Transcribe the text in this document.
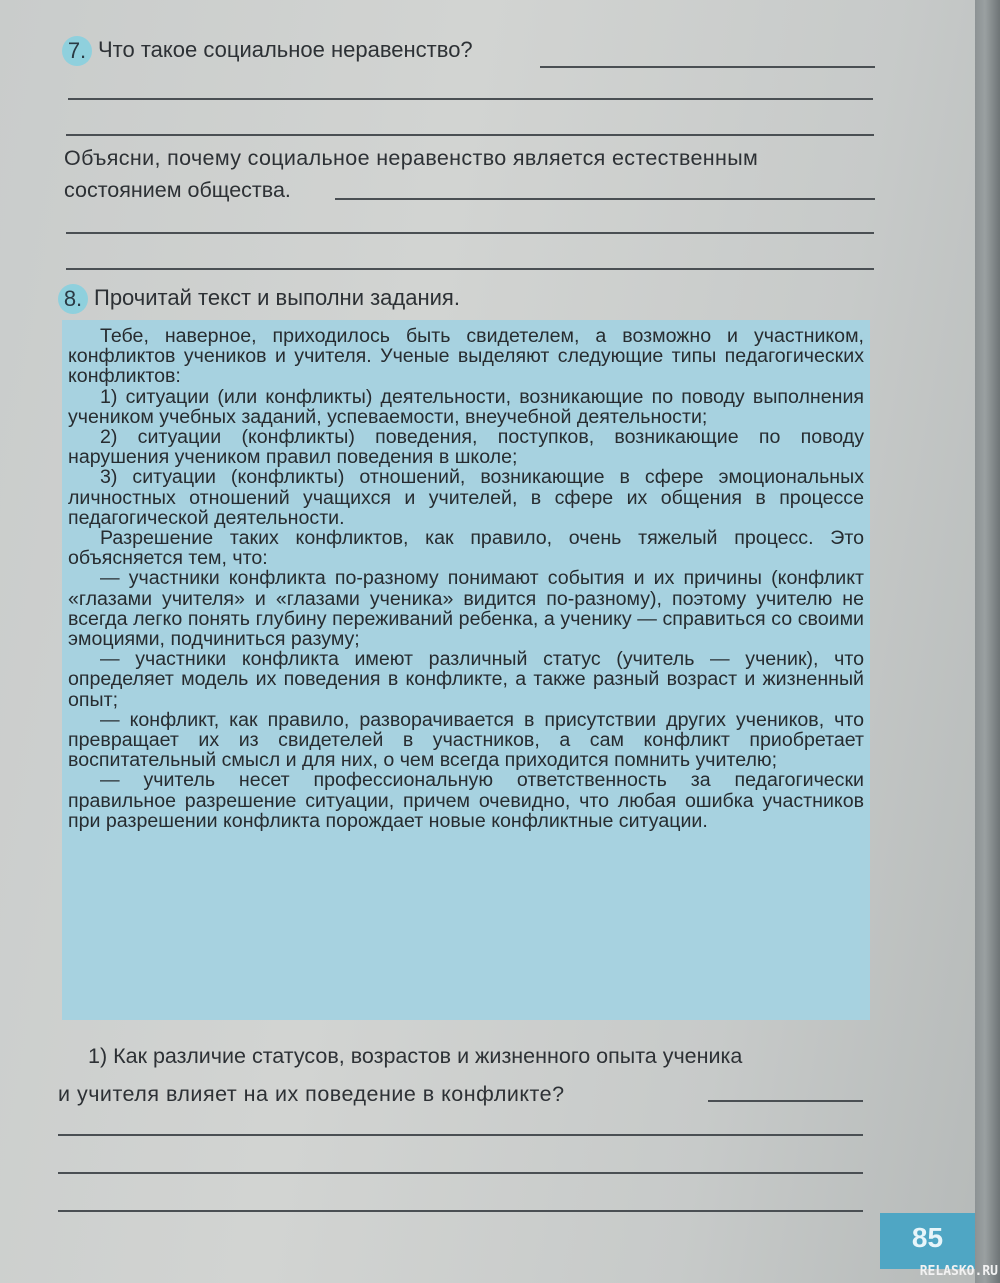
7. Что такое социальное неравенство?
Объясни, почему социальное неравенство является естественным
состоянием общества.
8. Прочитай текст и выполни задания.

Тебе, наверное, приходилось быть свидетелем, а возможно и участником, конфликтов учеников и учителя. Ученые выделяют следующие типы педагогических конфликтов:

1) ситуации (или конфликты) деятельности, возникающие по поводу выполнения учеником учебных заданий, успеваемости, внеучебной деятельности;

2) ситуации (конфликты) поведения, поступков, возникающие по поводу нарушения учеником правил поведения в школе;

3) ситуации (конфликты) отношений, возникающие в сфере эмоциональных личностных отношений учащихся и учителей, в сфере их общения в процессе педагогической деятельности.

Разрешение таких конфликтов, как правило, очень тяжелый процесс. Это объясняется тем, что:

— участники конфликта по-разному понимают события и их причины (конфликт «глазами учителя» и «глазами ученика» видится по-разному), поэтому учителю не всегда легко понять глубину переживаний ребенка, а ученику — справиться со своими эмоциями, подчиниться разуму;

— участники конфликта имеют различный статус (учитель — ученик), что определяет модель их поведения в конфликте, а также разный возраст и жизненный опыт;

— конфликт, как правило, разворачивается в присутствии других учеников, что превращает их из свидетелей в участников, а сам конфликт приобретает воспитательный смысл и для них, о чем всегда приходится помнить учителю;

— учитель несет профессиональную ответственность за педагогически правильное разрешение ситуации, причем очевидно, что любая ошибка участников при разрешении конфликта порождает новые конфликтные ситуации.

1) Как различие статусов, возрастов и жизненного опыта ученика
и учителя влияет на их поведение в конфликте?
85
RELASKO.RU
